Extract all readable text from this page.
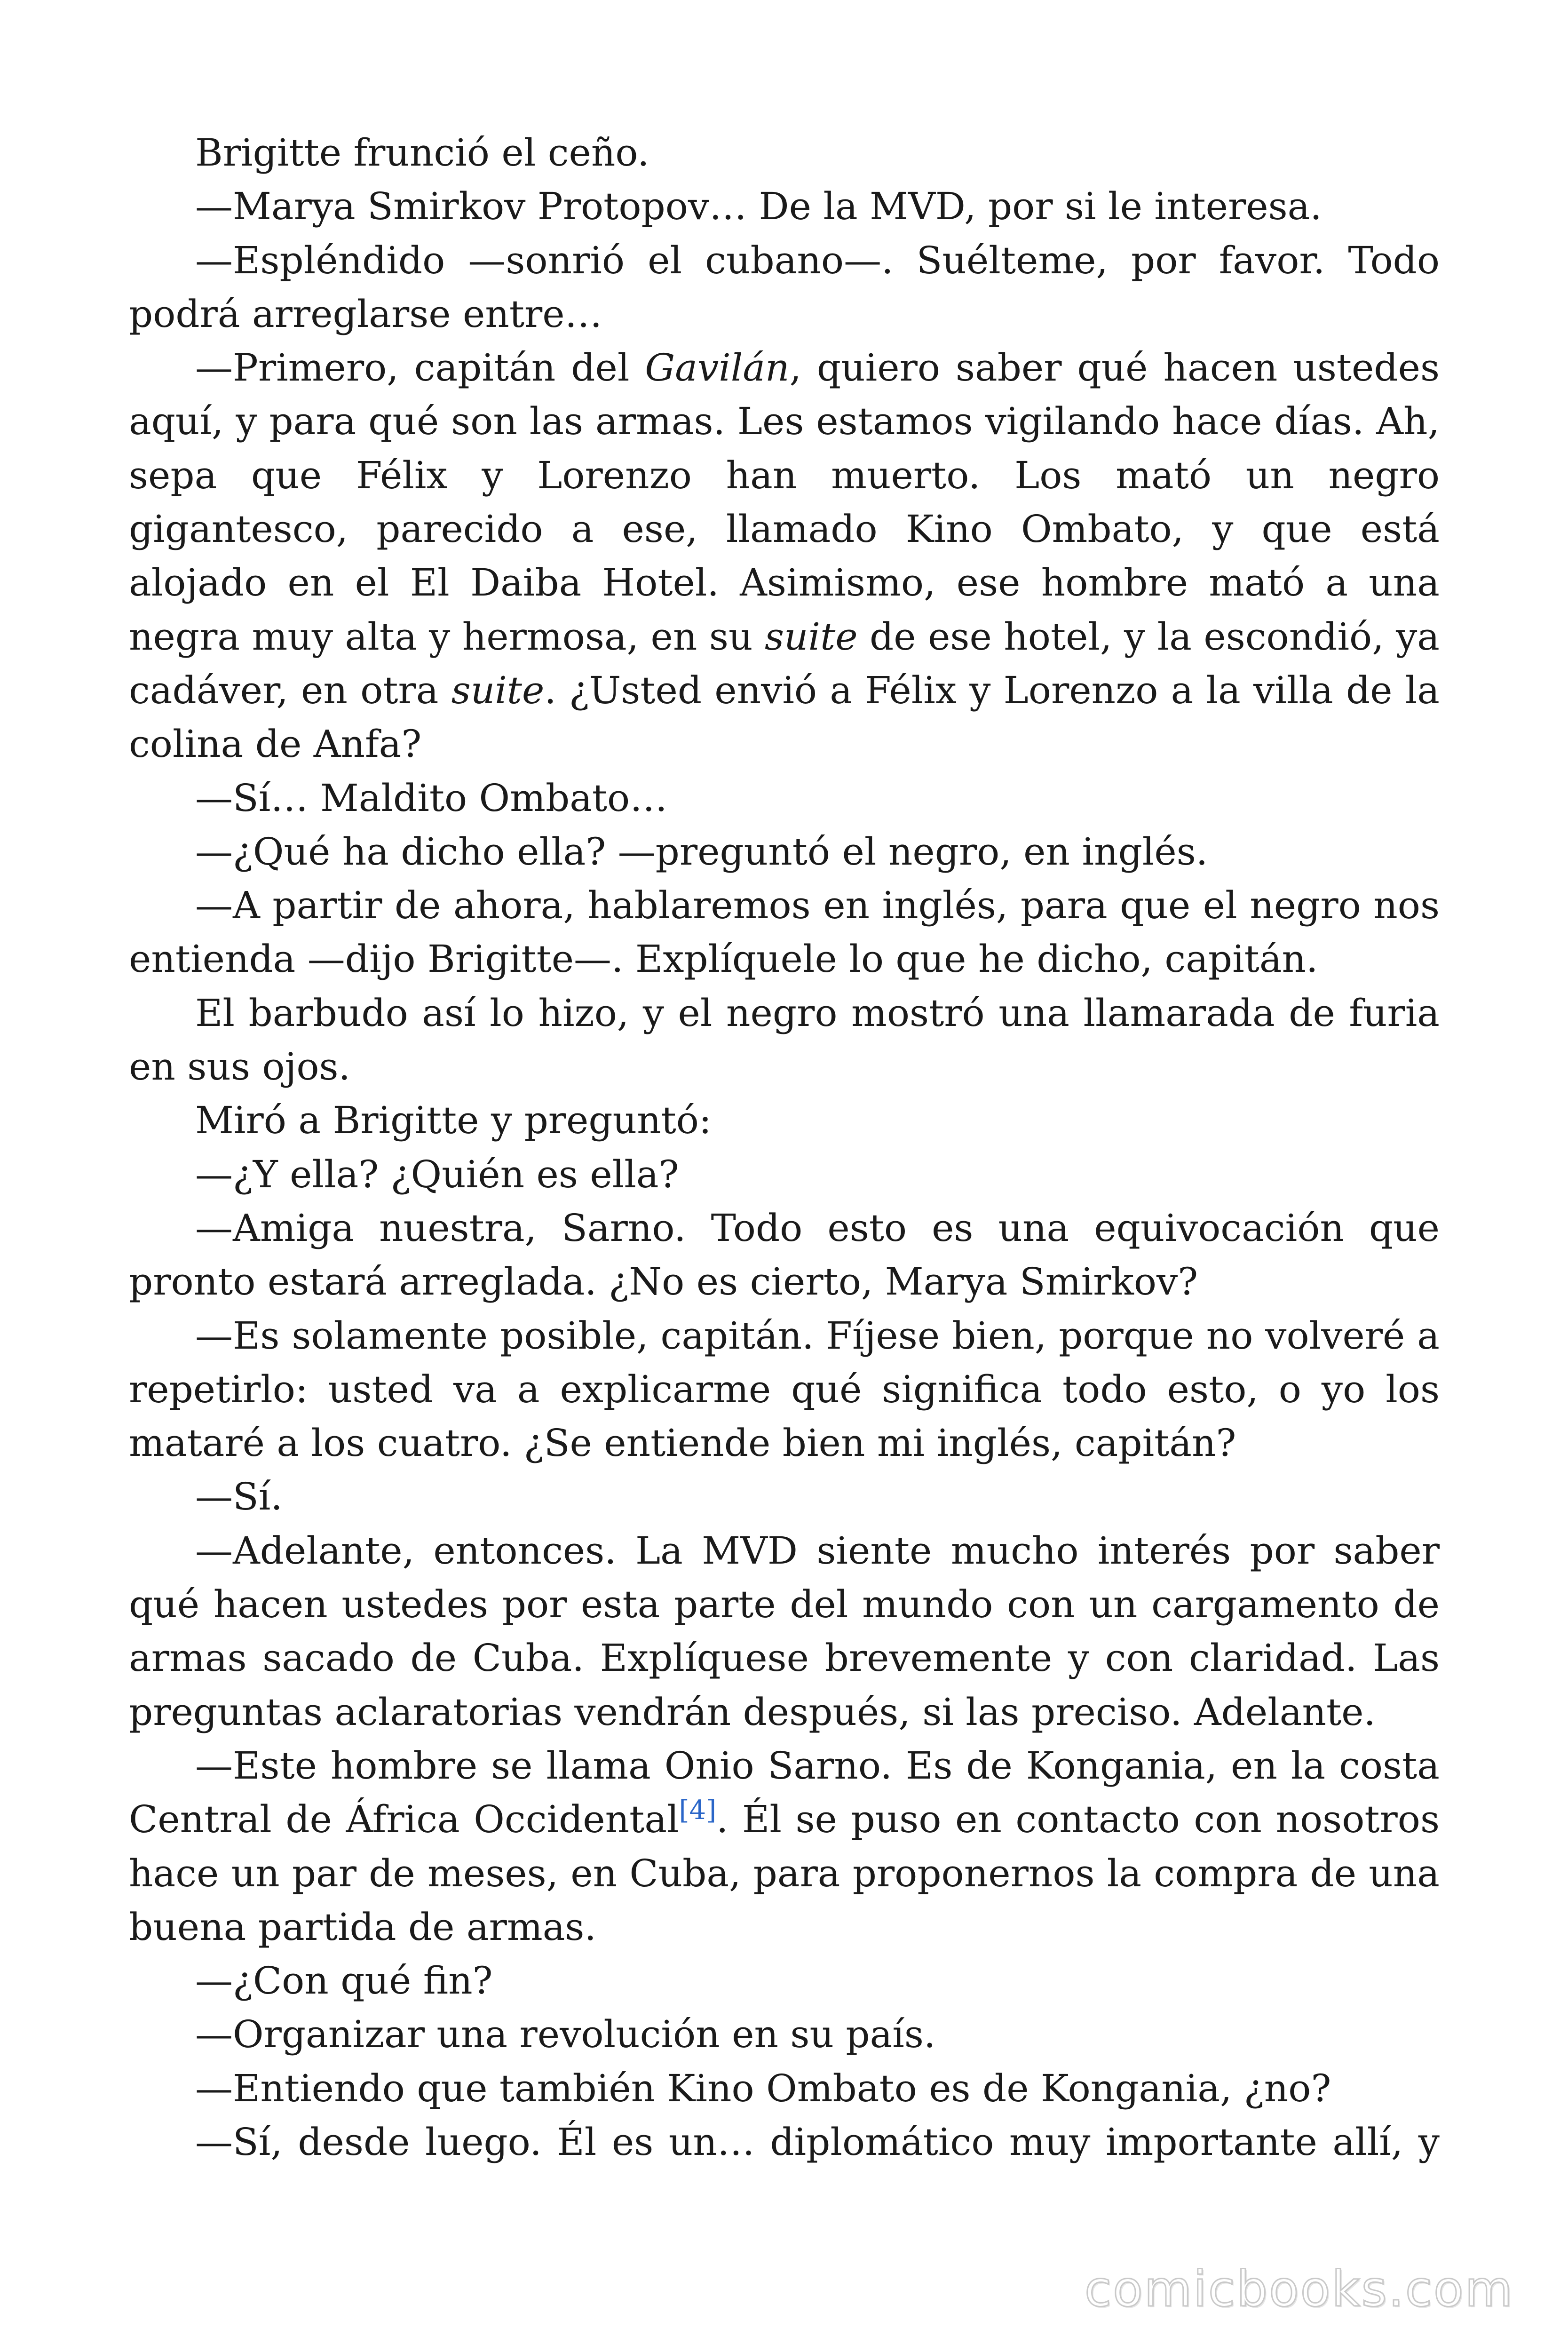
Brigitte frunció el ceño.

—Marya Smirkov Protopov… De la MVD, por si le interesa.

—Espléndido —sonrió el cubano—. Suélteme, por favor. Todo podrá arreglarse entre…

—Primero, capitán del Gavilán, quiero saber qué hacen ustedes aquí, y para qué son las armas. Les estamos vigilando hace días. Ah, sepa que Félix y Lorenzo han muerto. Los mató un negro gigantesco, parecido a ese, llamado Kino Ombato, y que está alojado en el El Daiba Hotel. Asimismo, ese hombre mató a una negra muy alta y hermosa, en su suite de ese hotel, y la escondió, ya cadáver, en otra suite. ¿Usted envió a Félix y Lorenzo a la villa de la colina de Anfa?

—Sí… Maldito Ombato…

—¿Qué ha dicho ella? —preguntó el negro, en inglés.

—A partir de ahora, hablaremos en inglés, para que el negro nos entienda —dijo Brigitte—. Explíquele lo que he dicho, capitán.

El barbudo así lo hizo, y el negro mostró una llamarada de furia en sus ojos.

Miró a Brigitte y preguntó:

—¿Y ella? ¿Quién es ella?

—Amiga nuestra, Sarno. Todo esto es una equivocación que pronto estará arreglada. ¿No es cierto, Marya Smirkov?

—Es solamente posible, capitán. Fíjese bien, porque no volveré a repetirlo: usted va a explicarme qué significa todo esto, o yo los mataré a los cuatro. ¿Se entiende bien mi inglés, capitán?

—Sí.

—Adelante, entonces. La MVD siente mucho interés por saber qué hacen ustedes por esta parte del mundo con un cargamento de armas sacado de Cuba. Explíquese brevemente y con claridad. Las preguntas aclaratorias vendrán después, si las preciso. Adelante.

—Este hombre se llama Onio Sarno. Es de Kongania, en la costa Central de África Occidental[4]. Él se puso en contacto con nosotros hace un par de meses, en Cuba, para proponernos la compra de una buena partida de armas.

—¿Con qué fin?

—Organizar una revolución en su país.

—Entiendo que también Kino Ombato es de Kongania, ¿no?

—Sí, desde luego. Él es un… diplomático muy importante allí, y

comicbooks.com
